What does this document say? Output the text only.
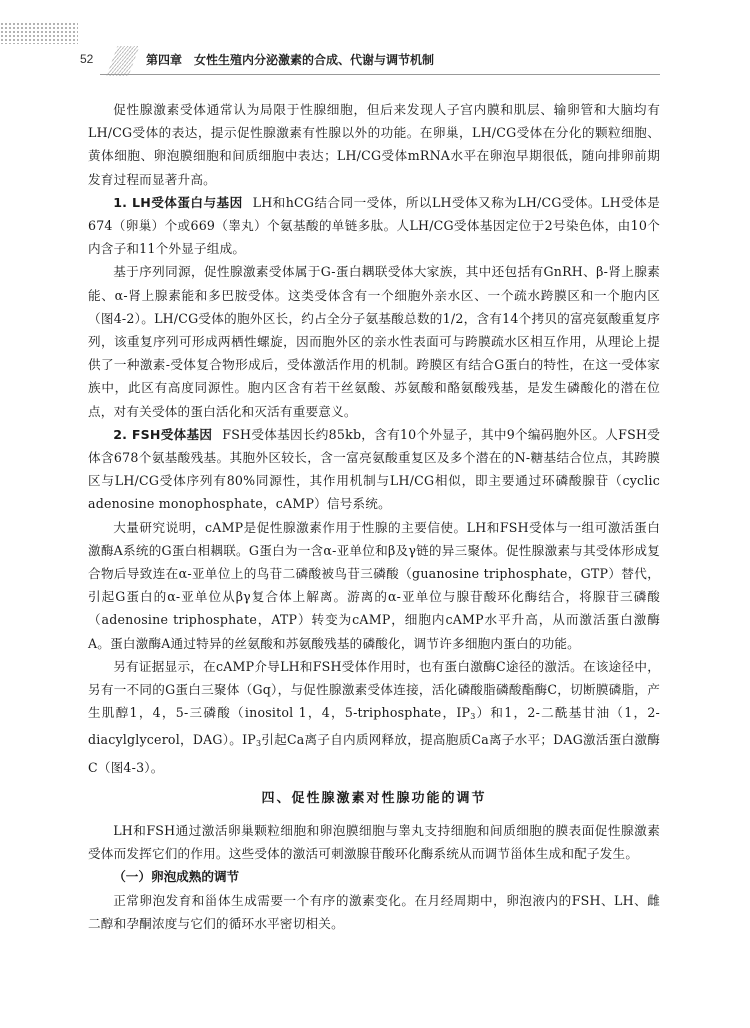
52	第四章　女性生殖内分泌激素的合成、代谢与调节机制

促性腺激素受体通常认为局限于性腺细胞，但后来发现人子宫内膜和肌层、输卵管和大脑均有LH/CG受体的表达，提示促性腺激素有性腺以外的功能。在卵巢，LH/CG受体在分化的颗粒细胞、黄体细胞、卵泡膜细胞和间质细胞中表达；LH/CG受体mRNA水平在卵泡早期很低，随向排卵前期发育过程而显著升高。

1. LH受体蛋白与基因 LH和hCG结合同一受体，所以LH受体又称为LH/CG受体。LH受体是674（卵巢）个或669（睾丸）个氨基酸的单链多肽。人LH/CG受体基因定位于2号染色体，由10个内含子和11个外显子组成。

基于序列同源，促性腺激素受体属于G-蛋白耦联受体大家族，其中还包括有GnRH、β-肾上腺素能、α-肾上腺素能和多巴胺受体。这类受体含有一个细胞外亲水区、一个疏水跨膜区和一个胞内区（图4-2）。LH/CG受体的胞外区长，约占全分子氨基酸总数的1/2，含有14个拷贝的富亮氨酸重复序列，该重复序列可形成两栖性螺旋，因而胞外区的亲水性表面可与跨膜疏水区相互作用，从理论上提供了一种激素-受体复合物形成后，受体激活作用的机制。跨膜区有结合G蛋白的特性，在这一受体家族中，此区有高度同源性。胞内区含有若干丝氨酸、苏氨酸和酪氨酸残基，是发生磷酸化的潜在位点，对有关受体的蛋白活化和灭活有重要意义。

2. FSH受体基因 FSH受体基因长约85kb，含有10个外显子，其中9个编码胞外区。人FSH受体含678个氨基酸残基。其胞外区较长，含一富亮氨酸重复区及多个潜在的N-糖基结合位点，其跨膜区与LH/CG受体序列有80%同源性，其作用机制与LH/CG相似，即主要通过环磷酸腺苷（cyclic adenosine monophosphate，cAMP）信号系统。

大量研究说明，cAMP是促性腺激素作用于性腺的主要信使。LH和FSH受体与一组可激活蛋白激酶A系统的G蛋白相耦联。G蛋白为一含α-亚单位和β及γ链的异三聚体。促性腺激素与其受体形成复合物后导致连在α-亚单位上的鸟苷二磷酸被鸟苷三磷酸（guanosine triphosphate，GTP）替代，引起G蛋白的α-亚单位从βγ复合体上解离。游离的α-亚单位与腺苷酸环化酶结合，将腺苷三磷酸（adenosine triphosphate，ATP）转变为cAMP，细胞内cAMP水平升高，从而激活蛋白激酶A。蛋白激酶A通过特异的丝氨酸和苏氨酸残基的磷酸化，调节许多细胞内蛋白的功能。

另有证据显示，在cAMP介导LH和FSH受体作用时，也有蛋白激酶C途径的激活。在该途径中，另有一不同的G蛋白三聚体（Gq），与促性腺激素受体连接，活化磷酸脂磷酸酯酶C，切断膜磷脂，产生肌醇1，4，5-三磷酸（inositol 1，4，5-triphosphate，$IP_3$）和1，2-二酰基甘油（1，2-diacylglycerol，DAG）。$IP_3$引起Ca离子自内质网释放，提高胞质Ca离子水平；DAG激活蛋白激酶C（图4-3）。

四、促性腺激素对性腺功能的调节

LH和FSH通过激活卵巢颗粒细胞和卵泡膜细胞与睾丸支持细胞和间质细胞的膜表面促性腺激素受体而发挥它们的作用。这些受体的激活可刺激腺苷酸环化酶系统从而调节甾体生成和配子发生。

（一）卵泡成熟的调节

正常卵泡发育和甾体生成需要一个有序的激素变化。在月经周期中，卵泡液内的FSH、LH、雌二醇和孕酮浓度与它们的循环水平密切相关。
